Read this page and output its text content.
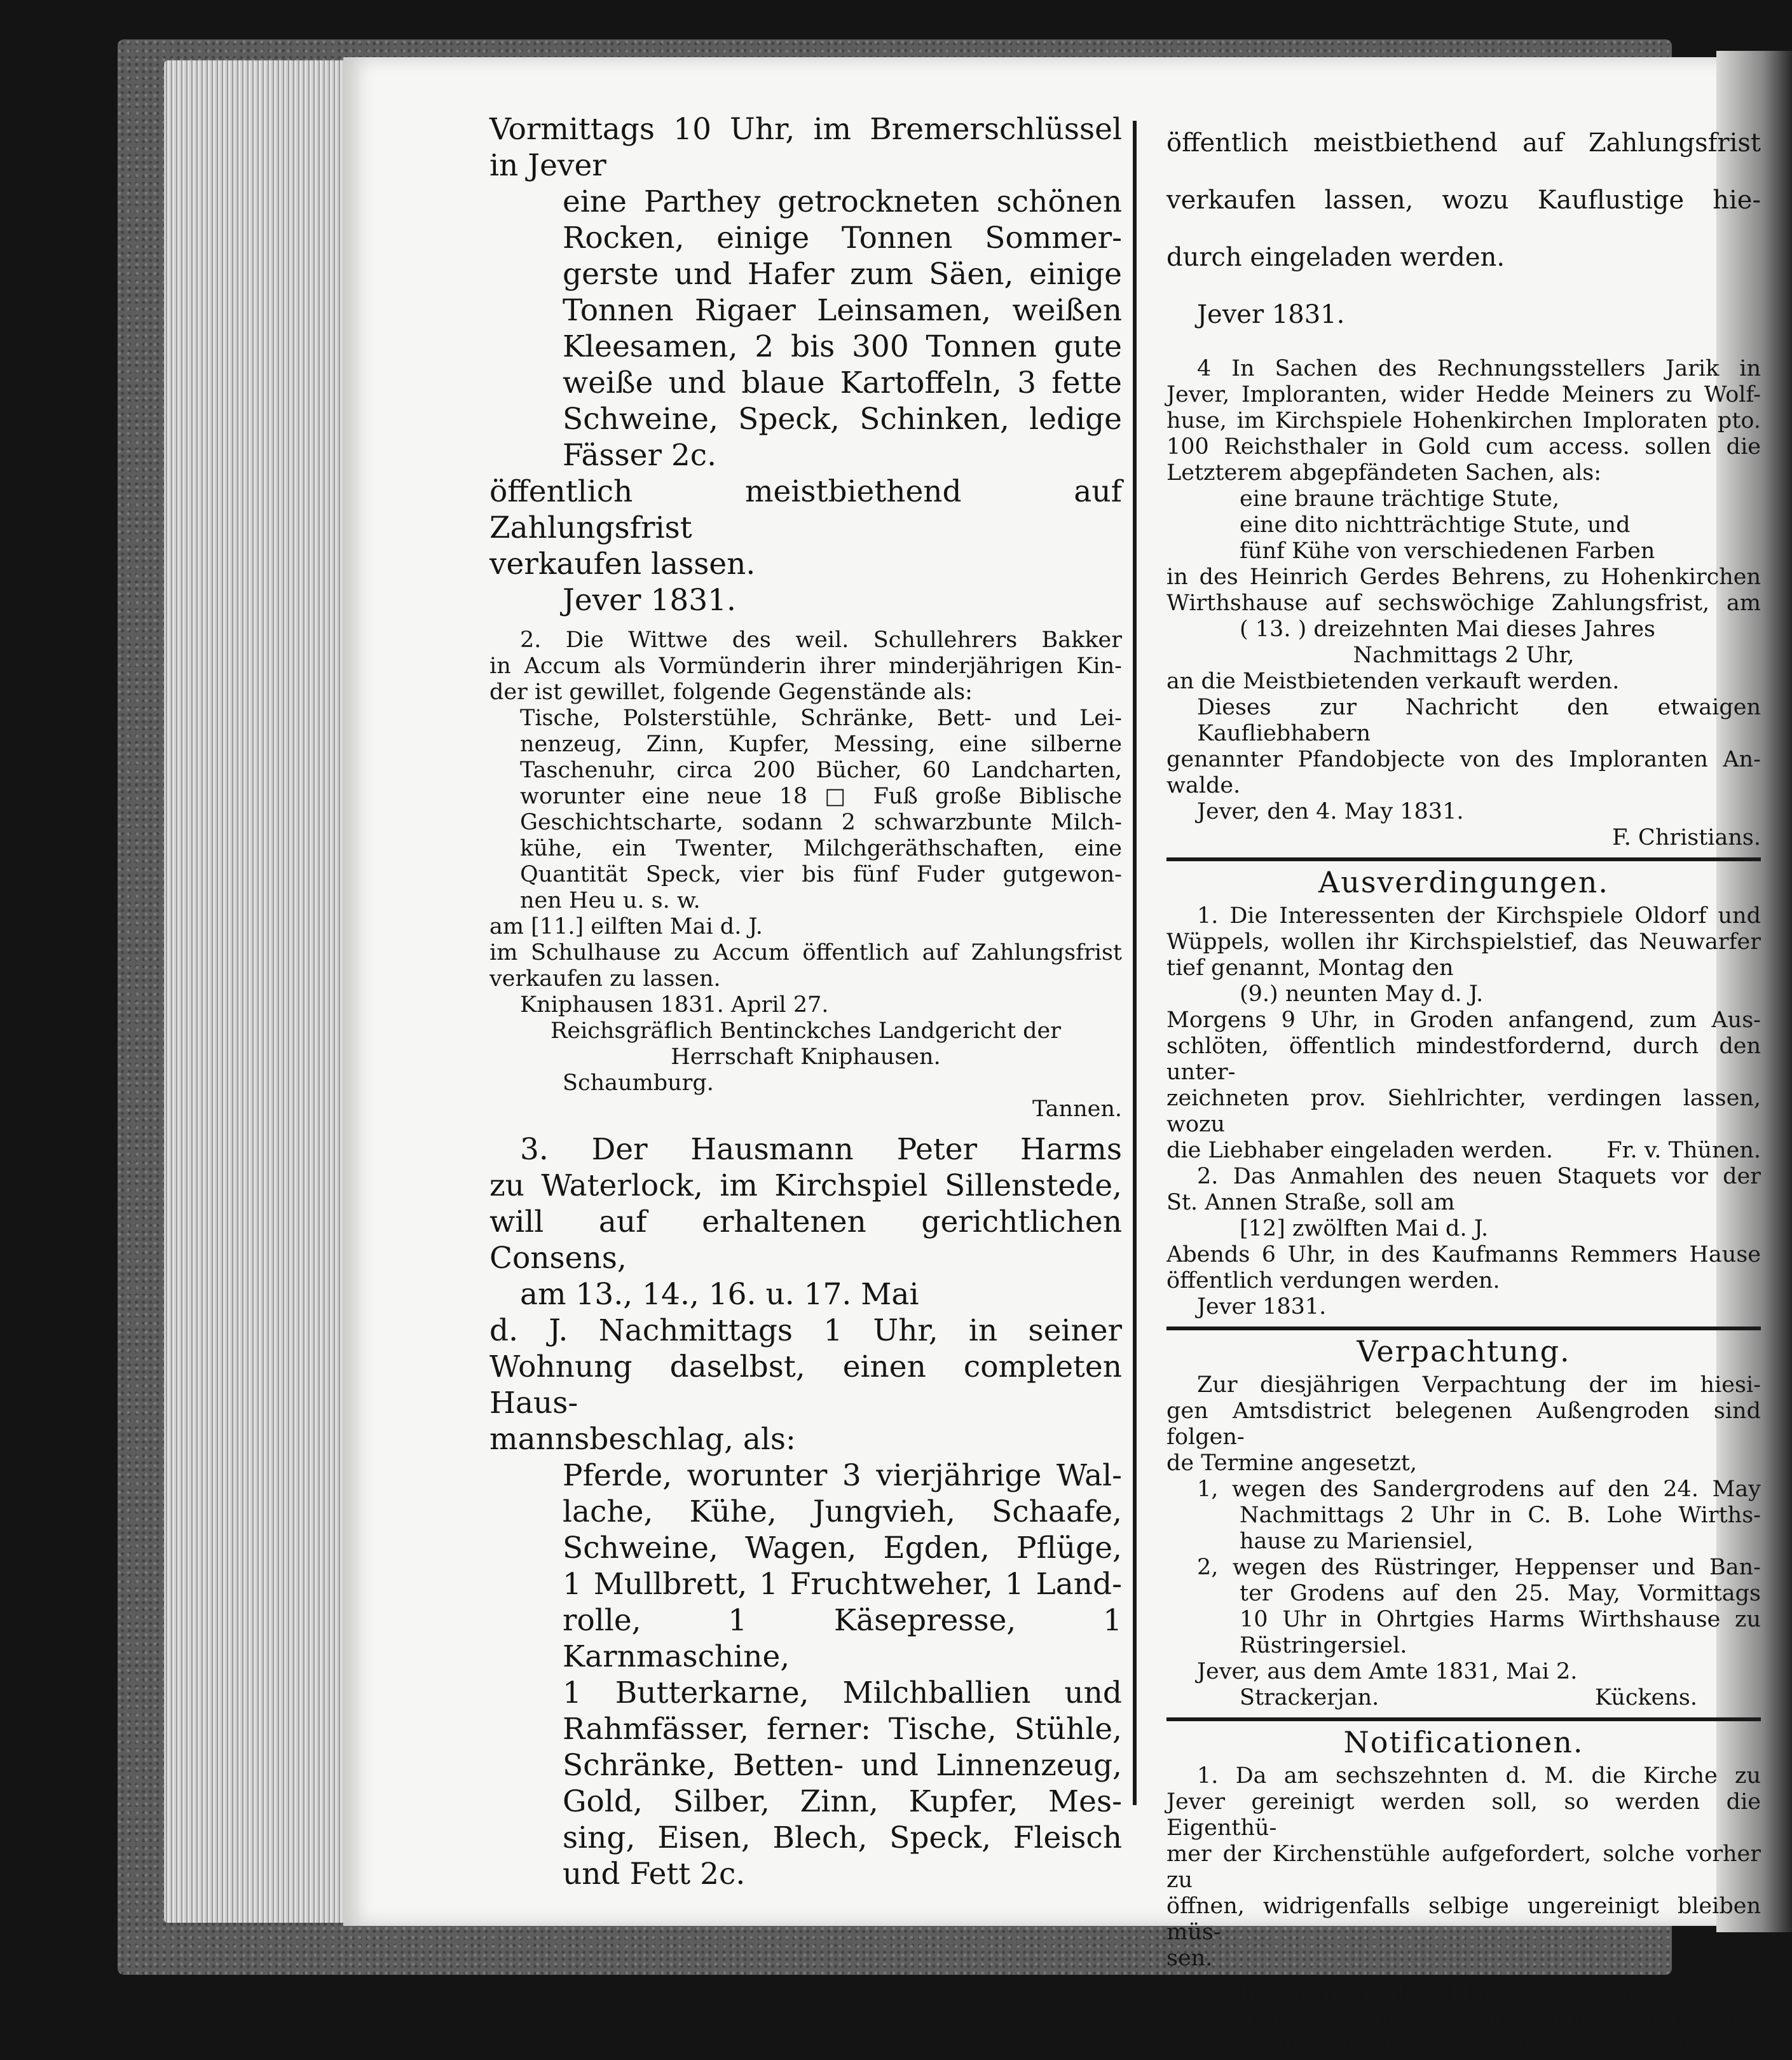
Vormittags 10 Uhr, im Bremerschlüssel

in Jever

eine Parthey getrockneten schönen

Rocken, einige Tonnen Sommer-

gerste und Hafer zum Säen, einige

Tonnen Rigaer Leinsamen, weißen

Kleesamen, 2 bis 300 Tonnen gute

weiße und blaue Kartoffeln, 3 fette

Schweine, Speck, Schinken, ledige

Fässer 2c.

öffentlich meistbiethend auf Zahlungsfrist

verkaufen lassen.

Jever 1831.

2. Die Wittwe des weil. Schullehrers Bakker

in Accum als Vormünderin ihrer minderjährigen Kin-

der ist gewillet, folgende Gegenstände als:

Tische, Polsterstühle, Schränke, Bett- und Lei-

nenzeug, Zinn, Kupfer, Messing, eine silberne

Taschenuhr, circa 200 Bücher, 60 Landcharten,

worunter eine neue 18 □ Fuß große Biblische

Geschichtscharte, sodann 2 schwarzbunte Milch-

kühe, ein Twenter, Milchgeräthschaften, eine

Quantität Speck, vier bis fünf Fuder gutgewon-

nen Heu u. s. w.

am [11.] eilften Mai d. J.

im Schulhause zu Accum öffentlich auf Zahlungsfrist

verkaufen zu lassen.

Kniphausen 1831. April 27.

Reichsgräflich Bentinckches Landgericht der

Herrschaft Kniphausen.

Schaumburg.

Tannen.

3. Der Hausmann Peter Harms

zu Waterlock, im Kirchspiel Sillenstede,

will auf erhaltenen gerichtlichen Consens,

am 13., 14., 16. u. 17. Mai

d. J. Nachmittags 1 Uhr, in seiner

Wohnung daselbst, einen completen Haus-

mannsbeschlag, als:

Pferde, worunter 3 vierjährige Wal-

lache, Kühe, Jungvieh, Schaafe,

Schweine, Wagen, Egden, Pflüge,

1 Mullbrett, 1 Fruchtweher, 1 Land-

rolle, 1 Käsepresse, 1 Karnmaschine,

1 Butterkarne, Milchballien und

Rahmfässer, ferner: Tische, Stühle,

Schränke, Betten- und Linnenzeug,

Gold, Silber, Zinn, Kupfer, Mes-

sing, Eisen, Blech, Speck, Fleisch

und Fett 2c.

öffentlich meistbiethend auf Zahlungsfrist

verkaufen lassen, wozu Kauflustige hie-

durch eingeladen werden.

Jever 1831.

4 In Sachen des Rechnungsstellers Jarik in

Jever, Imploranten, wider Hedde Meiners zu Wolf-

huse, im Kirchspiele Hohenkirchen Imploraten pto.

100 Reichsthaler in Gold cum access. sollen die

Letzterem abgepfändeten Sachen, als:

eine braune trächtige Stute,

eine dito nichtträchtige Stute, und

fünf Kühe von verschiedenen Farben

in des Heinrich Gerdes Behrens, zu Hohenkirchen

Wirthshause auf sechswöchige Zahlungsfrist, am

( 13. ) dreizehnten Mai dieses Jahres

Nachmittags 2 Uhr,

an die Meistbietenden verkauft werden.

Dieses zur Nachricht den etwaigen Kaufliebhabern

genannter Pfandobjecte von des Imploranten An-

walde.

Jever, den 4. May 1831.

F. Christians.

Ausverdingungen.

1. Die Interessenten der Kirchspiele Oldorf und

Wüppels, wollen ihr Kirchspielstief, das Neuwarfer

tief genannt, Montag den

(9.) neunten May d. J.

Morgens 9 Uhr, in Groden anfangend, zum Aus-

schlöten, öffentlich mindestfordernd, durch den unter-

zeichneten prov. Siehlrichter, verdingen lassen, wozu

die Liebhaber eingeladen werden. Fr. v. Thünen.

2. Das Anmahlen des neuen Staquets vor der

St. Annen Straße, soll am

[12] zwölften Mai d. J.

Abends 6 Uhr, in des Kaufmanns Remmers Hause

öffentlich verdungen werden.

Jever 1831.

Verpachtung.

Zur diesjährigen Verpachtung der im hiesi-

gen Amtsdistrict belegenen Außengroden sind folgen-

de Termine angesetzt,

1, wegen des Sandergrodens auf den 24. May

Nachmittags 2 Uhr in C. B. Lohe Wirths-

hause zu Mariensiel,

2, wegen des Rüstringer, Heppenser und Ban-

ter Grodens auf den 25. May, Vormittags

10 Uhr in Ohrtgies Harms Wirthshause zu

Rüstringersiel.

Jever, aus dem Amte 1831, Mai 2.

Strackerjan.	Kückens.

Notificationen.

1. Da am sechszehnten d. M. die Kirche zu

Jever gereinigt werden soll, so werden die Eigenthü-

mer der Kirchenstühle aufgefordert, solche vorher zu

öffnen, widrigenfalls selbige ungereinigt bleiben müs-

sen.

2. In Auftrag des Herrn J. J. Brauers sel.

Fr. Wittwe, sind noch folgende Weinsorten bey den

Unterzeichneten, für baare Zahlung, zu haben, als:
